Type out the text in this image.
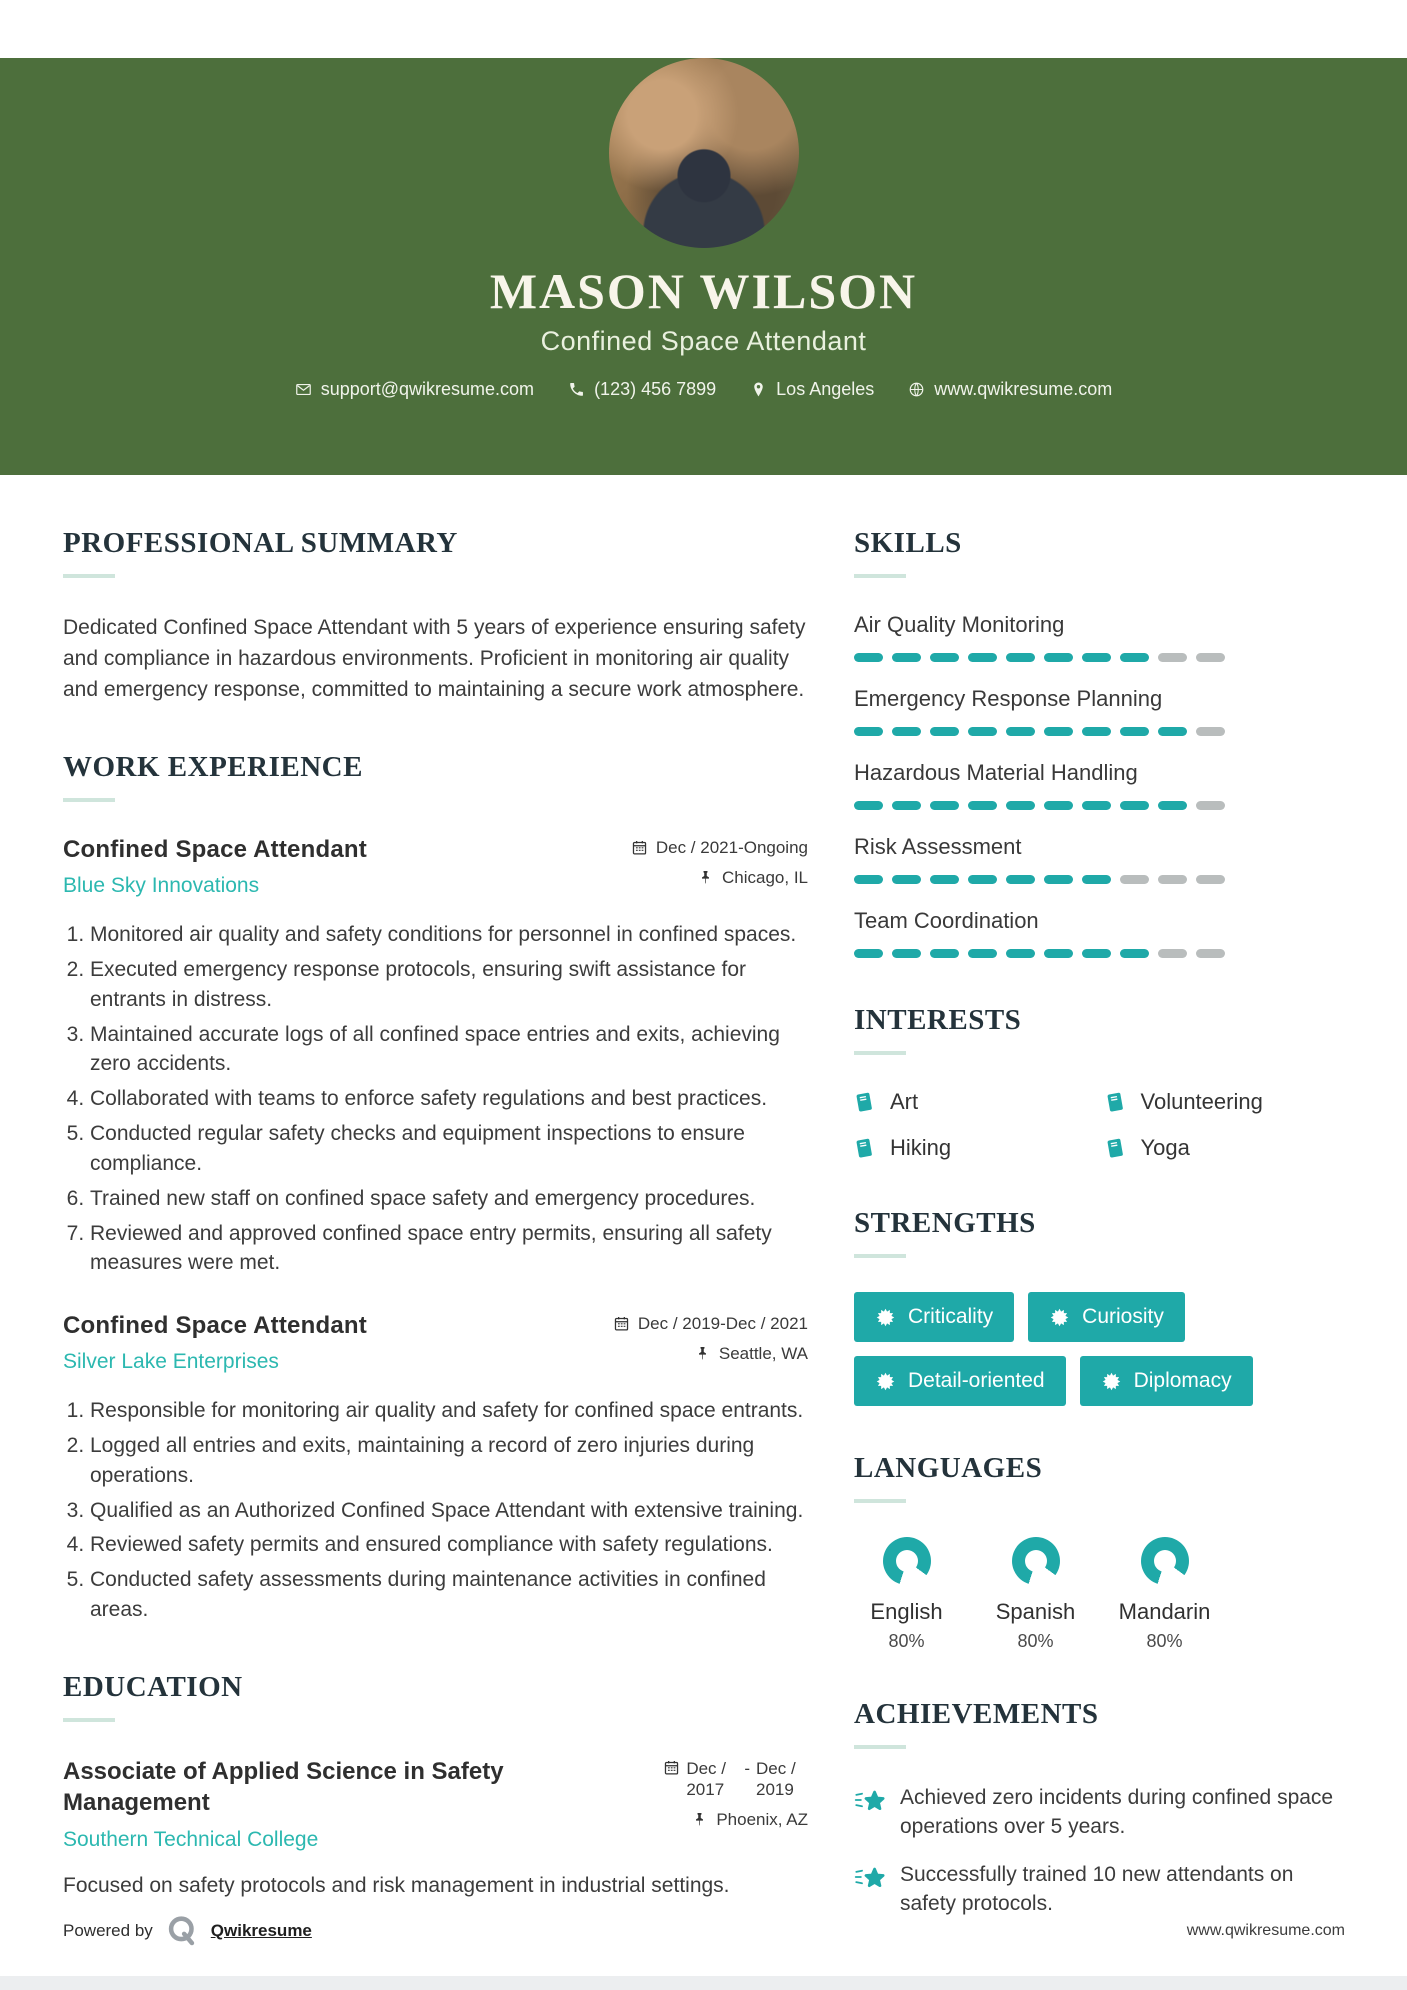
MASON WILSON
Confined Space Attendant
support@qwikresume.com	(123) 456 7899	Los Angeles	www.qwikresume.com
PROFESSIONAL SUMMARY

Dedicated Confined Space Attendant with 5 years of experience ensuring safety and compliance in hazardous environments. Proficient in monitoring air quality and emergency response, committed to maintaining a secure work atmosphere.

WORK EXPERIENCE
Confined Space Attendant
Blue Sky Innovations
Dec / 2021-Ongoing
Chicago, IL
1. Monitored air quality and safety conditions for personnel in confined spaces.
2. Executed emergency response protocols, ensuring swift assistance for entrants in distress.
3. Maintained accurate logs of all confined space entries and exits, achieving zero accidents.
4. Collaborated with teams to enforce safety regulations and best practices.
5. Conducted regular safety checks and equipment inspections to ensure compliance.
6. Trained new staff on confined space safety and emergency procedures.
7. Reviewed and approved confined space entry permits, ensuring all safety measures were met.
Confined Space Attendant
Silver Lake Enterprises
Dec / 2019-Dec / 2021
Seattle, WA
1. Responsible for monitoring air quality and safety for confined space entrants.
2. Logged all entries and exits, maintaining a record of zero injuries during operations.
3. Qualified as an Authorized Confined Space Attendant with extensive training.
4. Reviewed safety permits and ensured compliance with safety regulations.
5. Conducted safety assessments during maintenance activities in confined areas.
EDUCATION
Associate of Applied Science in Safety Management
Southern Technical College
Dec / 2017
- Dec / 2019
Phoenix, AZ

Focused on safety protocols and risk management in industrial settings.

SKILLS
Air Quality Monitoring
Emergency Response Planning
Hazardous Material Handling
Risk Assessment
Team Coordination
INTERESTS
Art	Volunteering
Hiking	Yoga
STRENGTHS
Criticality	Curiosity
Detail-oriented	Diplomacy
LANGUAGES
English
80%
Spanish
80%
Mandarin
80%
ACHIEVEMENTS
Achieved zero incidents during confined space operations over 5 years.
Successfully trained 10 new attendants on safety protocols.
Powered by	Qwikresume	www.qwikresume.com
